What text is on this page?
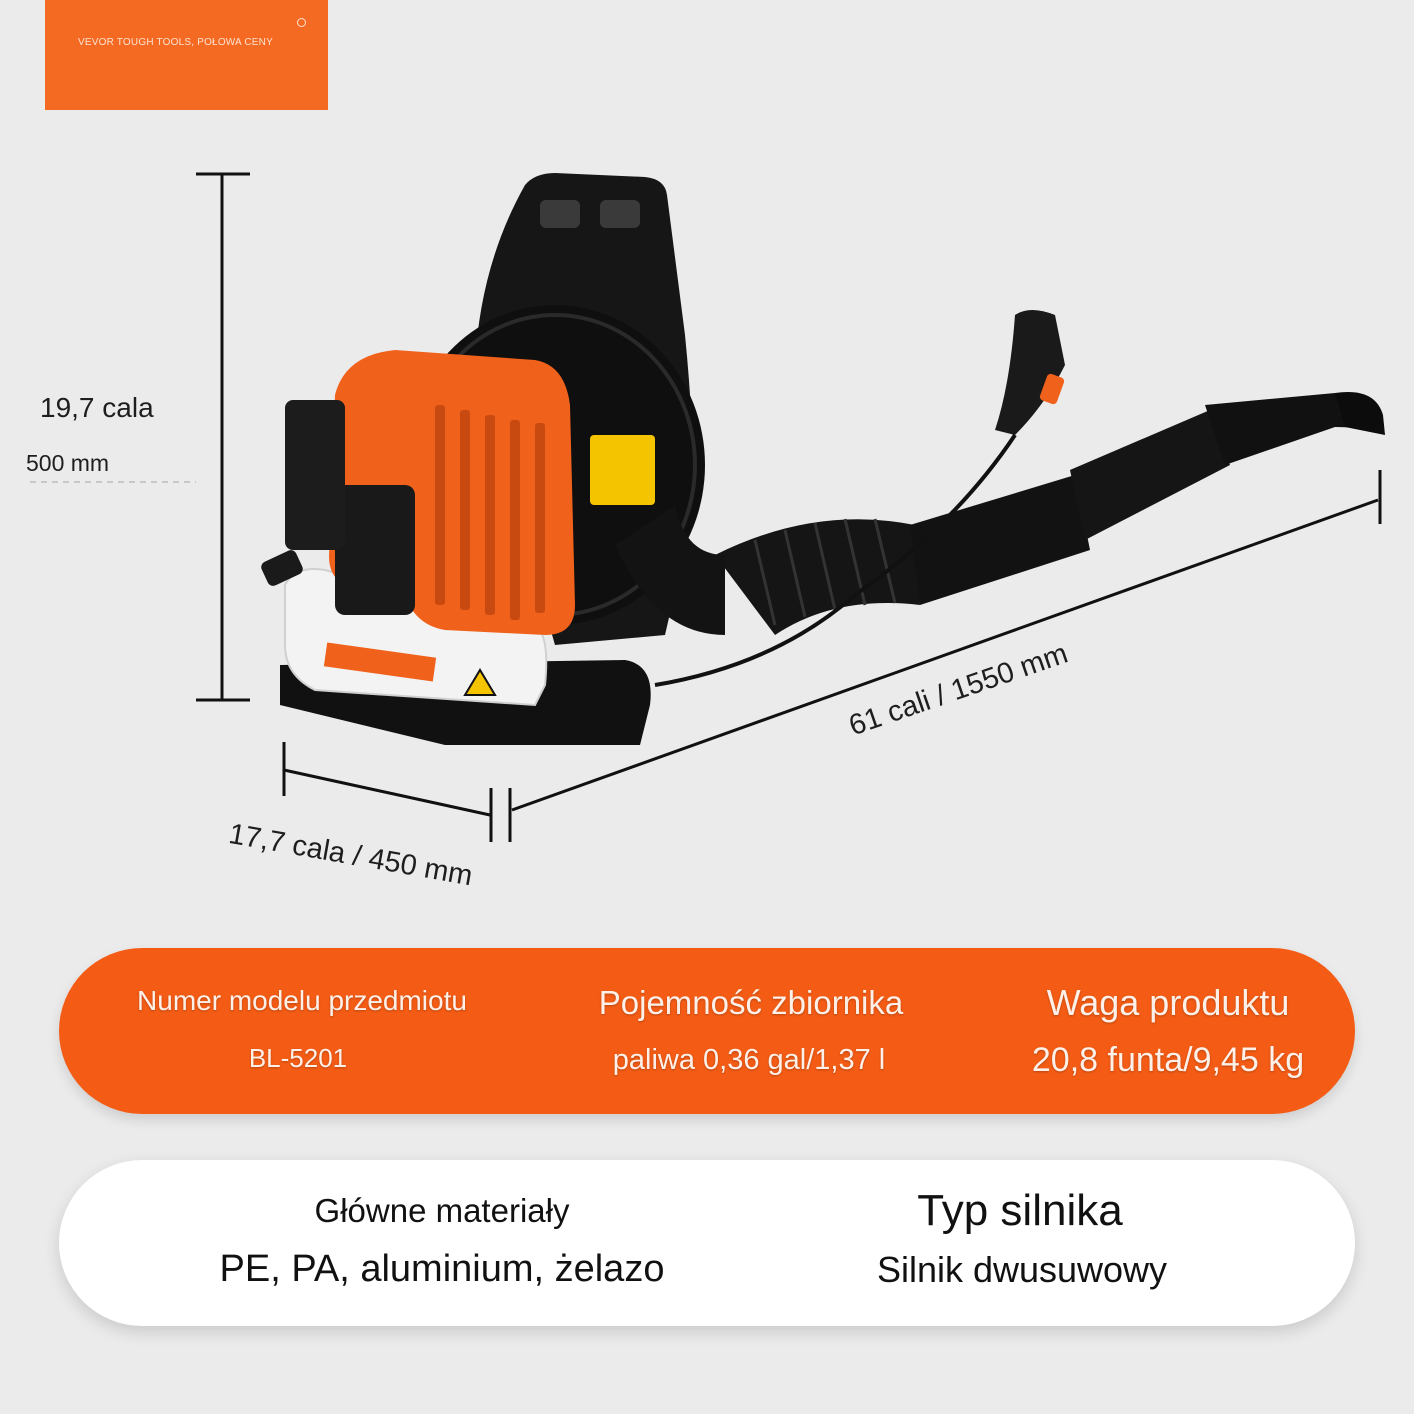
VEVOR TOUGH TOOLS, POŁOWA CENY
19,7 cala
500 mm
17,7 cala / 450 mm
61 cali / 1550 mm
Numer modelu przedmiotu
BL-5201
Pojemność zbiornika
paliwa 0,36 gal/1,37 l
Waga produktu
20,8 funta/9,45 kg
Główne materiały
PE, PA, aluminium, żelazo
Typ silnika
Silnik dwusuwowy
